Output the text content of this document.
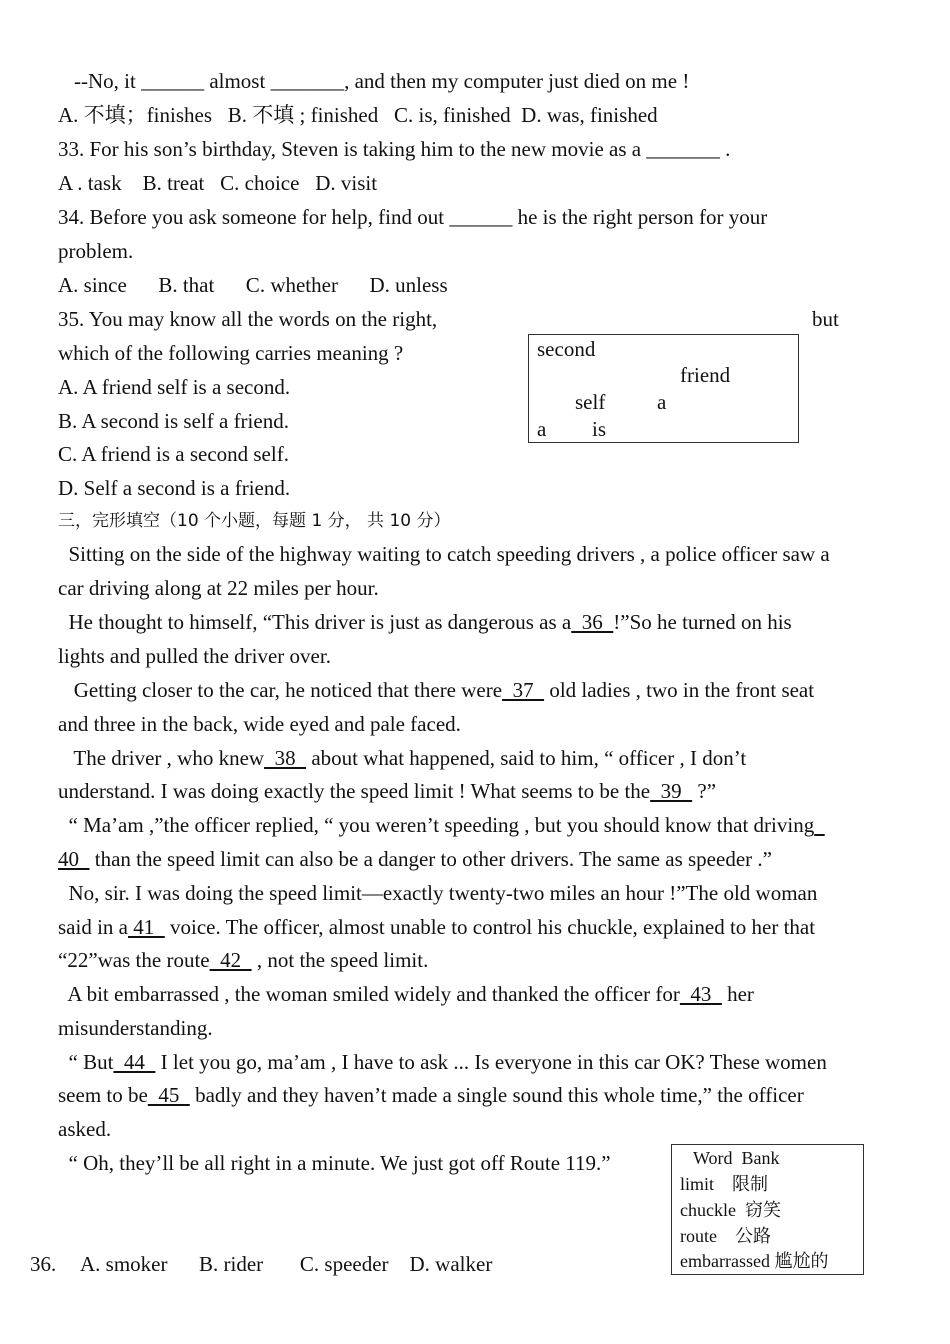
--No, it ______ almost _______, and then my computer just died on me !
A. 不填；finishes   B. 不填 ; finished   C. is, finished  D. was, finished
33. For his son’s birthday, Steven is taking him to the new movie as a _______ .
A . task    B. treat   C. choice   D. visit
34. Before you ask someone for help, find out ______ he is the right person for your
problem.
A. since      B. that      C. whether      D. unless
35. You may know all the words on the right,	but
which of the following carries meaning ?
A. A friend self is a second.
B. A second is self a friend.
C. A friend is a second self.
D. Self a second is a friend.
second
friend
self a
a is
三，完形填空（10 个小题，每题 1 分， 共 10 分）
Sitting on the side of the highway waiting to catch speeding drivers , a police officer saw a
car driving along at 22 miles per hour.
He thought to himself, “This driver is just as dangerous as a  36  !”So he turned on his
lights and pulled the driver over.
Getting closer to the car, he noticed that there were  37   old ladies , two in the front seat
and three in the back, wide eyed and pale faced.
The driver , who knew  38   about what happened, said to him, “ officer , I don’t
understand. I was doing exactly the speed limit ! What seems to be the  39   ?”
“ Ma’am ,”the officer replied, “ you weren’t speeding , but you should know that driving
40   than the speed limit can also be a danger to other drivers. The same as speeder .”
No, sir. I was doing the speed limit—exactly twenty-two miles an hour !”The old woman
said in a 41   voice. The officer, almost unable to control his chuckle, explained to her that
“22”was the route  42   , not the speed limit.
A bit embarrassed , the woman smiled widely and thanked the officer for  43   her
misunderstanding.
“ But  44   I let you go, ma’am , I have to ask ... Is everyone in this car OK? These women
seem to be  45   badly and they haven’t made a single sound this whole time,” the officer
asked.
“ Oh, they’ll be all right in a minute. We just got off Route 119.”
36. A. smoker      B. rider       C. speeder    D. walker
Word  Bank
limit    限制
chuckle  窃笑
route    公路
embarrassed 尴尬的
